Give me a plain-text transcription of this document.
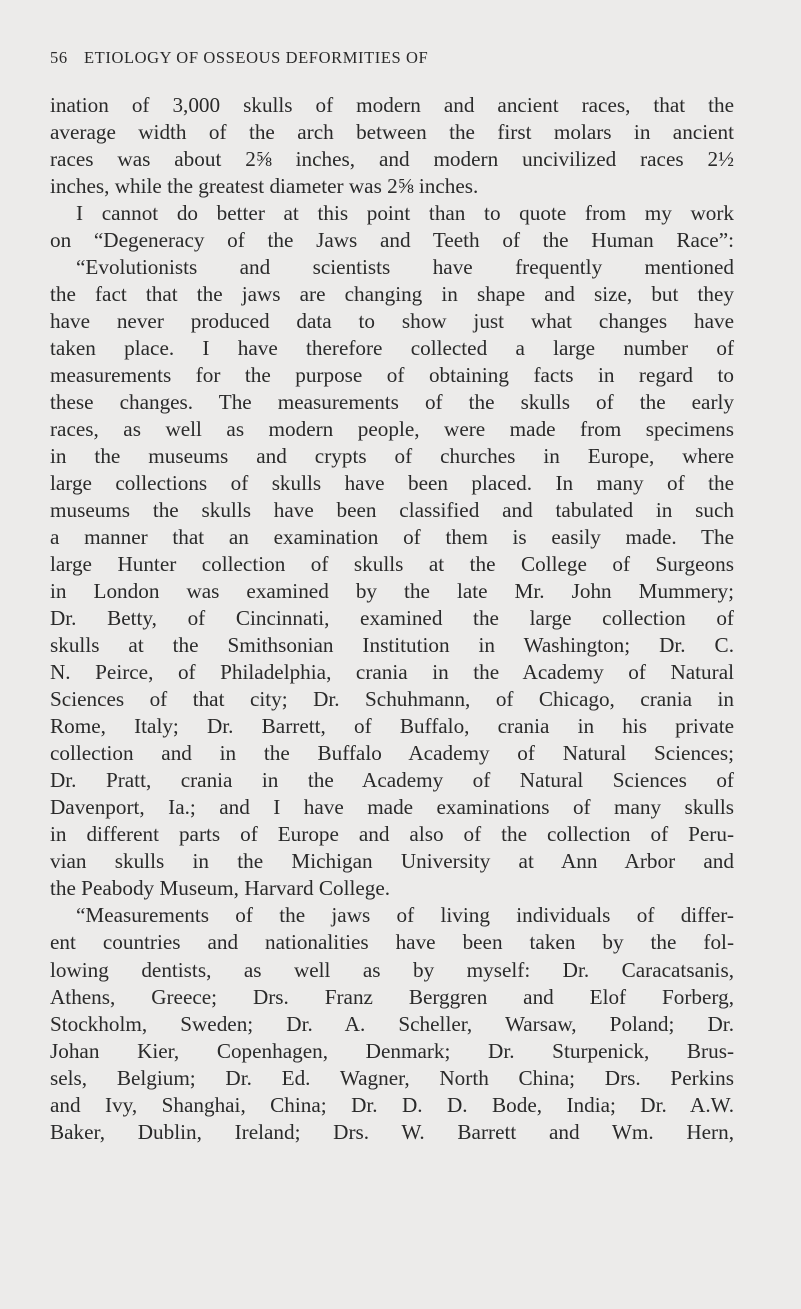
56 ETIOLOGY OF OSSEOUS DEFORMITIES OF
ination of 3,000 skulls of modern and ancient races, that the
average width of the arch between the first molars in ancient
races was about 2⅝ inches, and modern uncivilized races 2½
inches, while the greatest diameter was 2⅝ inches.
I cannot do better at this point than to quote from my work
on “Degeneracy of the Jaws and Teeth of the Human Race”:
“Evolutionists and scientists have frequently mentioned
the fact that the jaws are changing in shape and size, but they
have never produced data to show just what changes have
taken place. I have therefore collected a large number of
measurements for the purpose of obtaining facts in regard to
these changes. The measurements of the skulls of the early
races, as well as modern people, were made from specimens
in the museums and crypts of churches in Europe, where
large collections of skulls have been placed. In many of the
museums the skulls have been classified and tabulated in such
a manner that an examination of them is easily made. The
large Hunter collection of skulls at the College of Surgeons
in London was examined by the late Mr. John Mummery;
Dr. Betty, of Cincinnati, examined the large collection of
skulls at the Smithsonian Institution in Washington; Dr. C.
N. Peirce, of Philadelphia, crania in the Academy of Natural
Sciences of that city; Dr. Schuhmann, of Chicago, crania in
Rome, Italy; Dr. Barrett, of Buffalo, crania in his private
collection and in the Buffalo Academy of Natural Sciences;
Dr. Pratt, crania in the Academy of Natural Sciences of
Davenport, Ia.; and I have made examinations of many skulls
in different parts of Europe and also of the collection of Peru-
vian skulls in the Michigan University at Ann Arbor and
the Peabody Museum, Harvard College.
“Measurements of the jaws of living individuals of differ-
ent countries and nationalities have been taken by the fol-
lowing dentists, as well as by myself: Dr. Caracatsanis,
Athens, Greece; Drs. Franz Berggren and Elof Forberg,
Stockholm, Sweden; Dr. A. Scheller, Warsaw, Poland; Dr.
Johan Kier, Copenhagen, Denmark; Dr. Sturpenick, Brus-
sels, Belgium; Dr. Ed. Wagner, North China; Drs. Perkins
and Ivy, Shanghai, China; Dr. D. D. Bode, India; Dr. A.W.
Baker, Dublin, Ireland; Drs. W. Barrett and Wm. Hern,
